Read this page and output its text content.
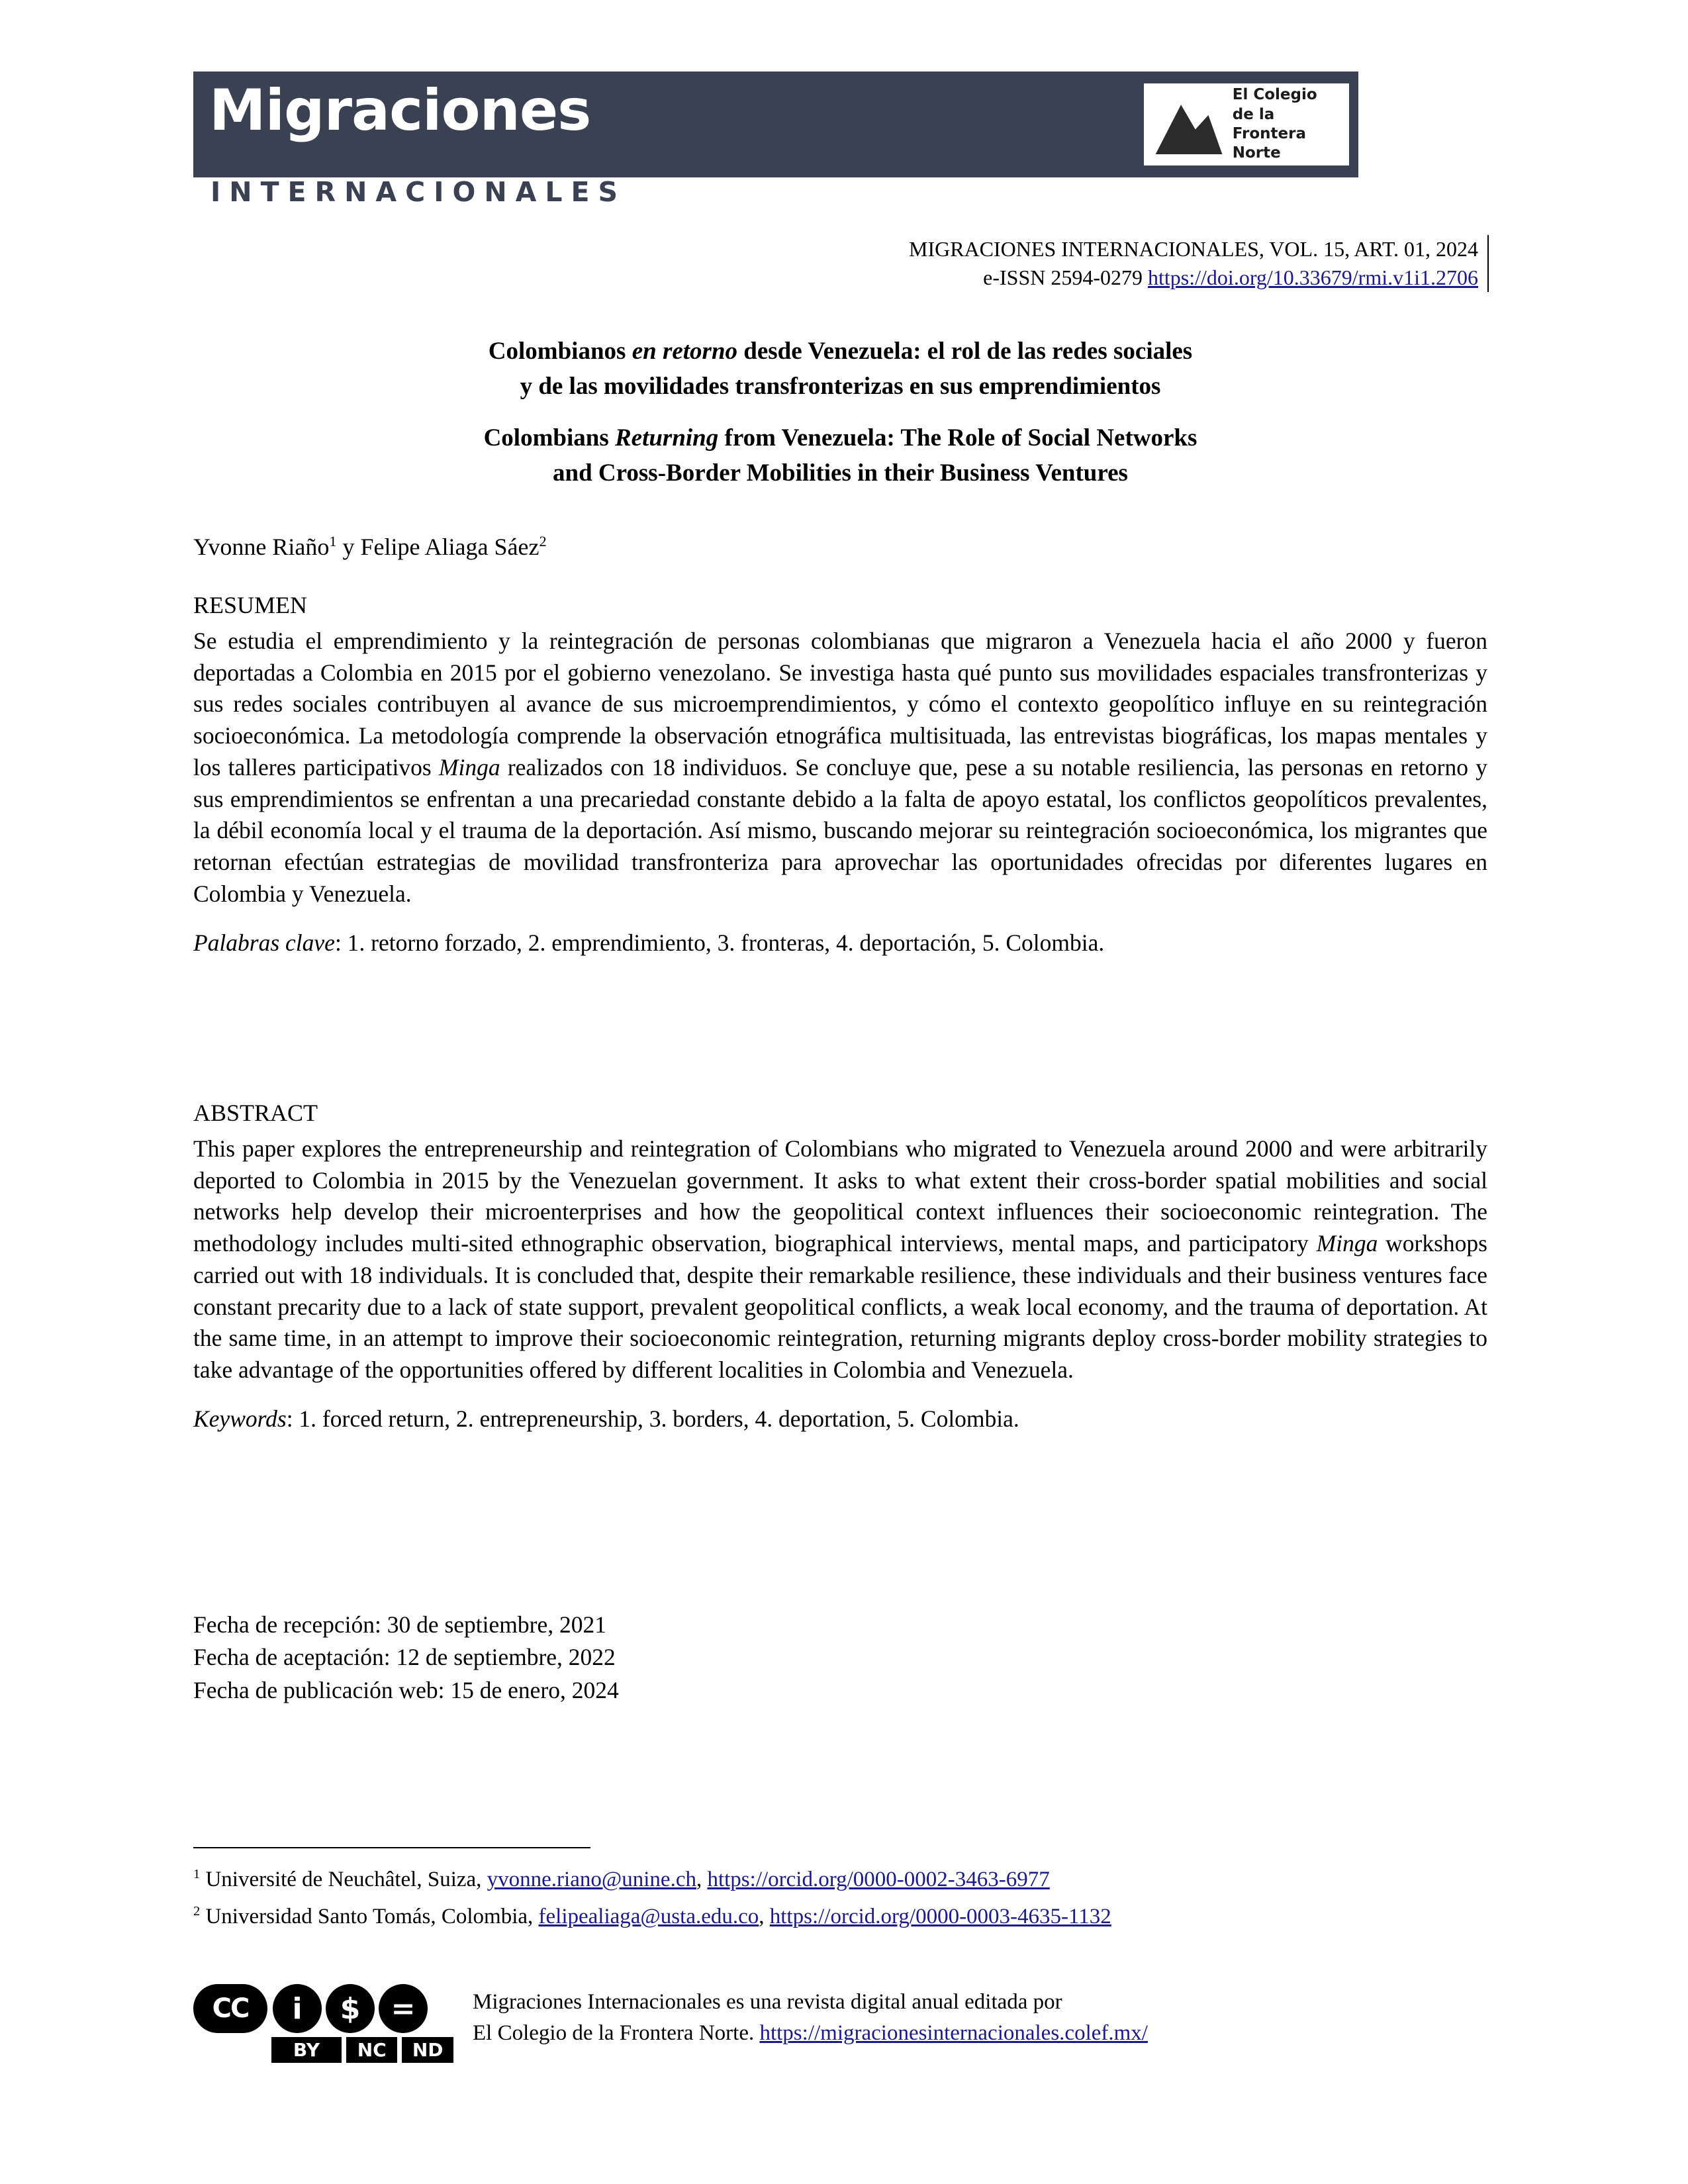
Migraciones
INTERNACIONALES
El Colegio
de la Frontera
Norte
MIGRACIONES INTERNACIONALES, VOL. 15, ART. 01, 2024
e-ISSN 2594-0279 https://doi.org/10.33679/rmi.v1i1.2706
Colombianos en retorno desde Venezuela: el rol de las redes sociales
y de las movilidades transfronterizas en sus emprendimientos
Colombians Returning from Venezuela: The Role of Social Networks
and Cross-Border Mobilities in their Business Ventures
Yvonne Riaño$^1$ y Felipe Aliaga Sáez$^2$
RESUMEN

Se estudia el emprendimiento y la reintegración de personas colombianas que migraron a Venezuela hacia el año 2000 y fueron deportadas a Colombia en 2015 por el gobierno venezolano. Se investiga hasta qué punto sus movilidades espaciales transfronterizas y sus redes sociales contribuyen al avance de sus microemprendimientos, y cómo el contexto geopolítico influye en su reintegración socioeconómica. La metodología comprende la observación etnográfica multisituada, las entrevistas biográficas, los mapas mentales y los talleres participativos Minga realizados con 18 individuos. Se concluye que, pese a su notable resiliencia, las personas en retorno y sus emprendimientos se enfrentan a una precariedad constante debido a la falta de apoyo estatal, los conflictos geopolíticos prevalentes, la débil economía local y el trauma de la deportación. Así mismo, buscando mejorar su reintegración socioeconómica, los migrantes que retornan efectúan estrategias de movilidad transfronteriza para aprovechar las oportunidades ofrecidas por diferentes lugares en Colombia y Venezuela.

Palabras clave: 1. retorno forzado, 2. emprendimiento, 3. fronteras, 4. deportación, 5. Colombia.
ABSTRACT

This paper explores the entrepreneurship and reintegration of Colombians who migrated to Venezuela around 2000 and were arbitrarily deported to Colombia in 2015 by the Venezuelan government. It asks to what extent their cross-border spatial mobilities and social networks help develop their microenterprises and how the geopolitical context influences their socioeconomic reintegration. The methodology includes multi-sited ethnographic observation, biographical interviews, mental maps, and participatory Minga workshops carried out with 18 individuals. It is concluded that, despite their remarkable resilience, these individuals and their business ventures face constant precarity due to a lack of state support, prevalent geopolitical conflicts, a weak local economy, and the trauma of deportation. At the same time, in an attempt to improve their socioeconomic reintegration, returning migrants deploy cross-border mobility strategies to take advantage of the opportunities offered by different localities in Colombia and Venezuela.

Keywords: 1. forced return, 2. entrepreneurship, 3. borders, 4. deportation, 5. Colombia.
Fecha de recepción: 30 de septiembre, 2021
Fecha de aceptación: 12 de septiembre, 2022
Fecha de publicación web: 15 de enero, 2024
$^1$ Université de Neuchâtel, Suiza, yvonne.riano@unine.ch, https://orcid.org/0000-0002-3463-6977
$^2$ Universidad Santo Tomás, Colombia, felipealiaga@usta.edu.co, https://orcid.org/0000-0003-4635-1132
CC	i	$	=
BY	NC	ND
Migraciones Internacionales es una revista digital anual editada por
El Colegio de la Frontera Norte. https://migracionesinternacionales.colef.mx/
